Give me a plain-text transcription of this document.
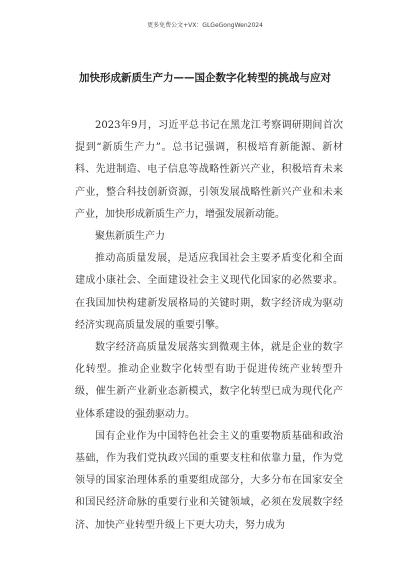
更多免费公文+VX：GLGeGongWen2024
加快形成新质生产力——国企数字化转型的挑战与应对

2023年9月，习近平总书记在黑龙江考察调研期间首次提到“新质生产力”。总书记强调，积极培育新能源、新材料、先进制造、电子信息等战略性新兴产业，积极培育未来产业，整合科技创新资源，引领发展战略性新兴产业和未来产业，加快形成新质生产力，增强发展新动能。

聚焦新质生产力

推动高质量发展，是适应我国社会主要矛盾变化和全面建成小康社会、全面建设社会主义现代化国家的必然要求。在我国加快构建新发展格局的关键时期，数字经济成为驱动经济实现高质量发展的重要引擎。

数字经济高质量发展落实到微观主体，就是企业的数字化转型。推动企业数字化转型有助于促进传统产业转型升级，催生新产业新业态新模式，数字化转型已成为现代化产业体系建设的强劲驱动力。

国有企业作为中国特色社会主义的重要物质基础和政治基础，作为我们党执政兴国的重要支柱和依靠力量，作为党领导的国家治理体系的重要组成部分，大多分布在国家安全和国民经济命脉的重要行业和关键领域，必须在发展数字经济、加快产业转型升级上下更大功夫，努力成为
